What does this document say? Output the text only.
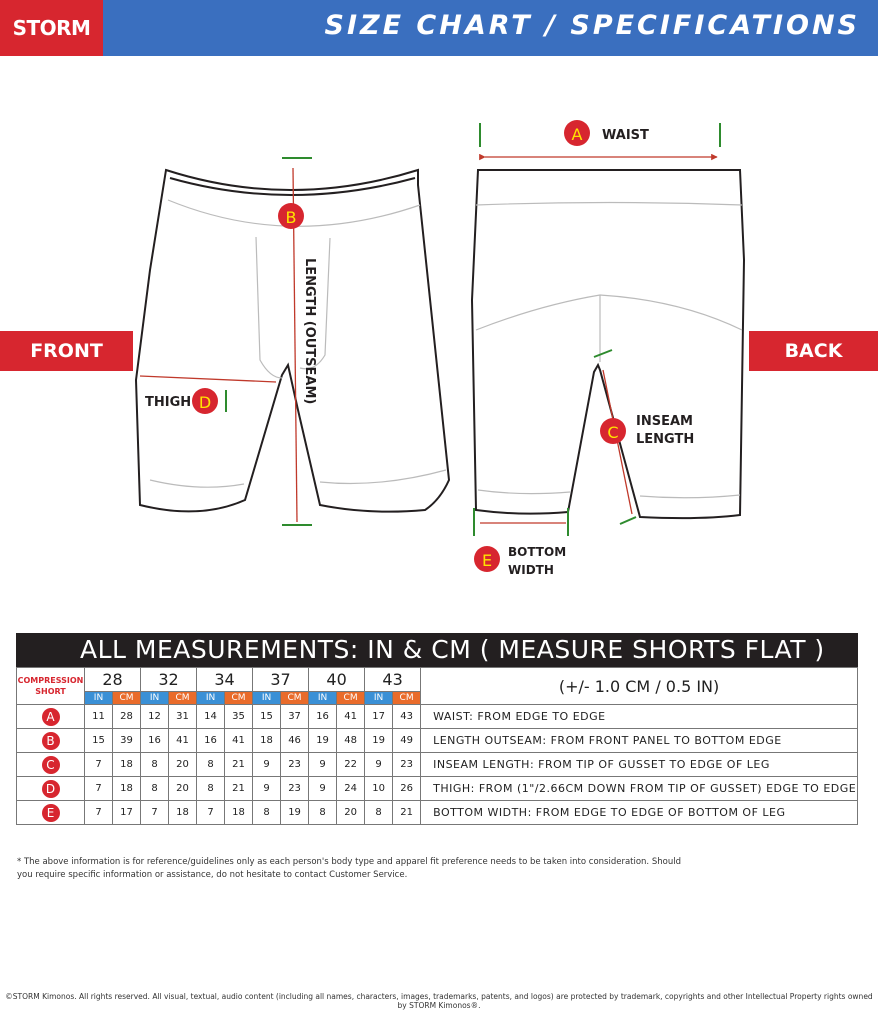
STORM	SIZE CHART / SPECIFICATIONS
A WAIST
B
LENGTH (OUTSEAM)
D
THIGH
C
INSEAM
LENGTH
E BOTTOM
WIDTH
FRONT	BACK
ALL MEASUREMENTS: IN & CM ( MEASURE SHORTS FLAT )
COMPRESSION
SHORT	28		32		34		37		40		43		(+/- 1.0 CM / 0.5 IN)
	IN	CM	IN	CM	IN	CM	IN	CM	IN	CM	IN	CM	
A	11	28	12	31	14	35	15	37	16	41	17	43	WAIST: FROM EDGE TO EDGE
B	15	39	16	41	16	41	18	46	19	48	19	49	LENGTH OUTSEAM: FROM FRONT PANEL TO BOTTOM EDGE
C	7	18	8	20	8	21	9	23	9	22	9	23	INSEAM LENGTH: FROM TIP OF GUSSET TO EDGE OF LEG
D	7	18	8	20	8	21	9	23	9	24	10	26	THIGH: FROM (1"/2.66CM DOWN FROM TIP OF GUSSET) EDGE TO EDGE
E	7	17	7	18	7	18	8	19	8	20	8	21	BOTTOM WIDTH: FROM EDGE TO EDGE OF BOTTOM OF LEG
* The above information is for reference/guidelines only as each person's body type and apparel fit preference needs to be taken into consideration. Should you require specific information or assistance, do not hesitate to contact Customer Service.
©STORM Kimonos. All rights reserved. All visual, textual, audio content (including all names, characters, images, trademarks, patents, and logos) are protected by trademark, copyrights and other Intellectual Property rights owned by STORM Kimonos®.
